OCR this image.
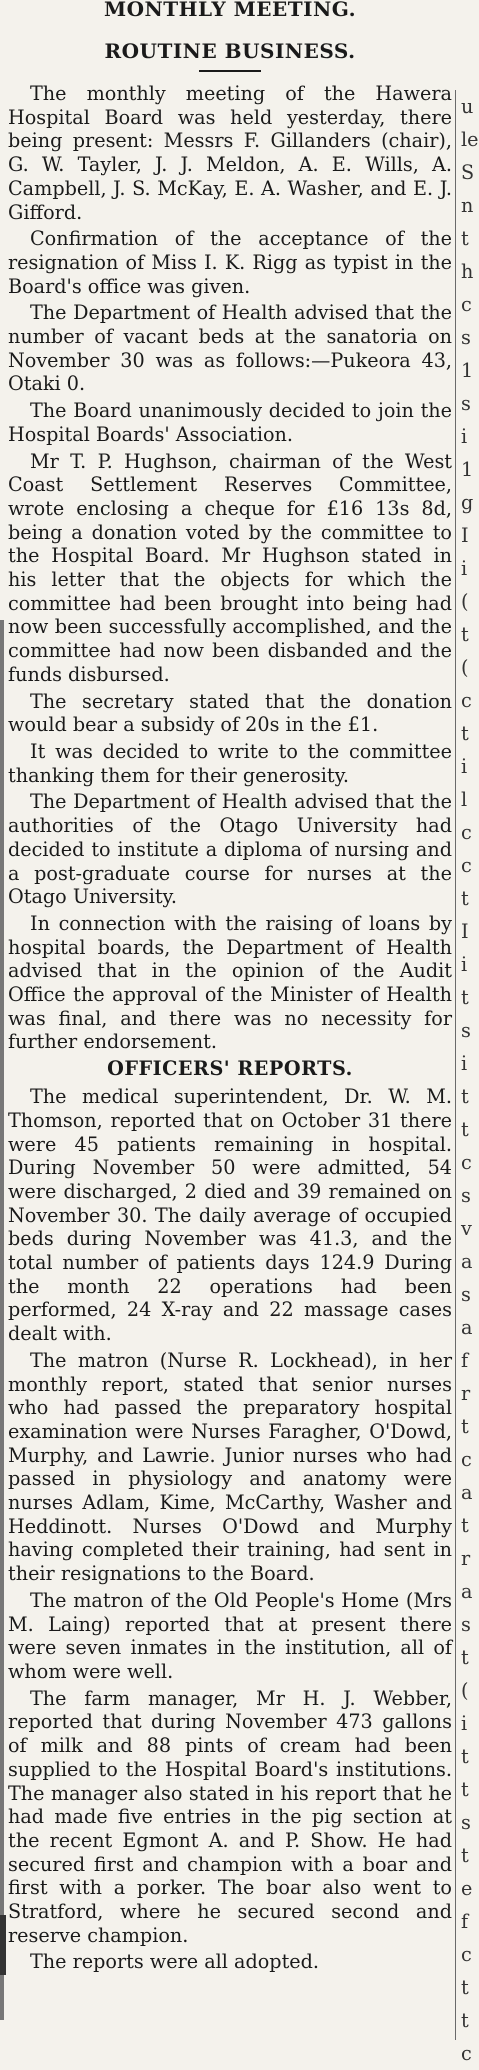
MONTHLY MEETING.
ROUTINE BUSINESS.

The monthly meeting of the Hawera Hospital Board was held yesterday, there being present: Messrs F. Gillanders (chair), G. W. Tayler, J. J. Meldon, A. E. Wills, A. Campbell, J. S. McKay, E. A. Washer, and E. J. Gifford.

Confirmation of the acceptance of the resignation of Miss I. K. Rigg as typist in the Board's office was given.

The Department of Health advised that the number of vacant beds at the sanatoria on November 30 was as follows:—Pukeora 43, Otaki 0.

The Board unanimously decided to join the Hospital Boards' Association.

Mr T. P. Hughson, chairman of the West Coast Settlement Reserves Committee, wrote enclosing a cheque for £16 13s 8d, being a donation voted by the committee to the Hospital Board. Mr Hughson stated in his letter that the objects for which the committee had been brought into being had now been successfully accomplished, and the committee had now been disbanded and the funds disbursed.

The secretary stated that the donation would bear a subsidy of 20s in the £1.

It was decided to write to the committee thanking them for their generosity.

The Department of Health advised that the authorities of the Otago University had decided to institute a diploma of nursing and a post-graduate course for nurses at the Otago University.

In connection with the raising of loans by hospital boards, the Department of Health advised that in the opinion of the Audit Office the approval of the Minister of Health was final, and there was no necessity for further endorsement.

OFFICERS' REPORTS.

The medical superintendent, Dr. W. M. Thomson, reported that on October 31 there were 45 patients remaining in hospital. During November 50 were admitted, 54 were discharged, 2 died and 39 remained on November 30. The daily average of occupied beds during November was 41.3, and the total number of patients days 124.9 During the month 22 operations had been performed, 24 X-ray and 22 massage cases dealt with.

The matron (Nurse R. Lockhead), in her monthly report, stated that senior nurses who had passed the preparatory hospital examination were Nurses Faragher, O'Dowd, Murphy, and Lawrie. Junior nurses who had passed in physiology and anatomy were nurses Adlam, Kime, McCarthy, Washer and Heddinott. Nurses O'Dowd and Murphy having completed their training, had sent in their resignations to the Board.

The matron of the Old People's Home (Mrs M. Laing) reported that at present there were seven inmates in the institution, all of whom were well.

The farm manager, Mr H. J. Webber, reported that during November 473 gallons of milk and 88 pints of cream had been supplied to the Hospital Board's institutions. The manager also stated in his report that he had made five entries in the pig section at the recent Egmont A. and P. Show. He had secured first and champion with a boar and first with a porker. The boar also went to Stratford, where he secured second and reserve champion.

The reports were all adopted.

u
le
S
n
t
h
c
s
1
s
i
1
g
I
i
(
t
(
c
t
i
l
c
c
t
I
i
t
s
i
t
t
c
s
v
a
s
a
f
r
t
c
a
t
r
a
s
t
(
i
t
t
s
t
e
f
c
t
t
c
